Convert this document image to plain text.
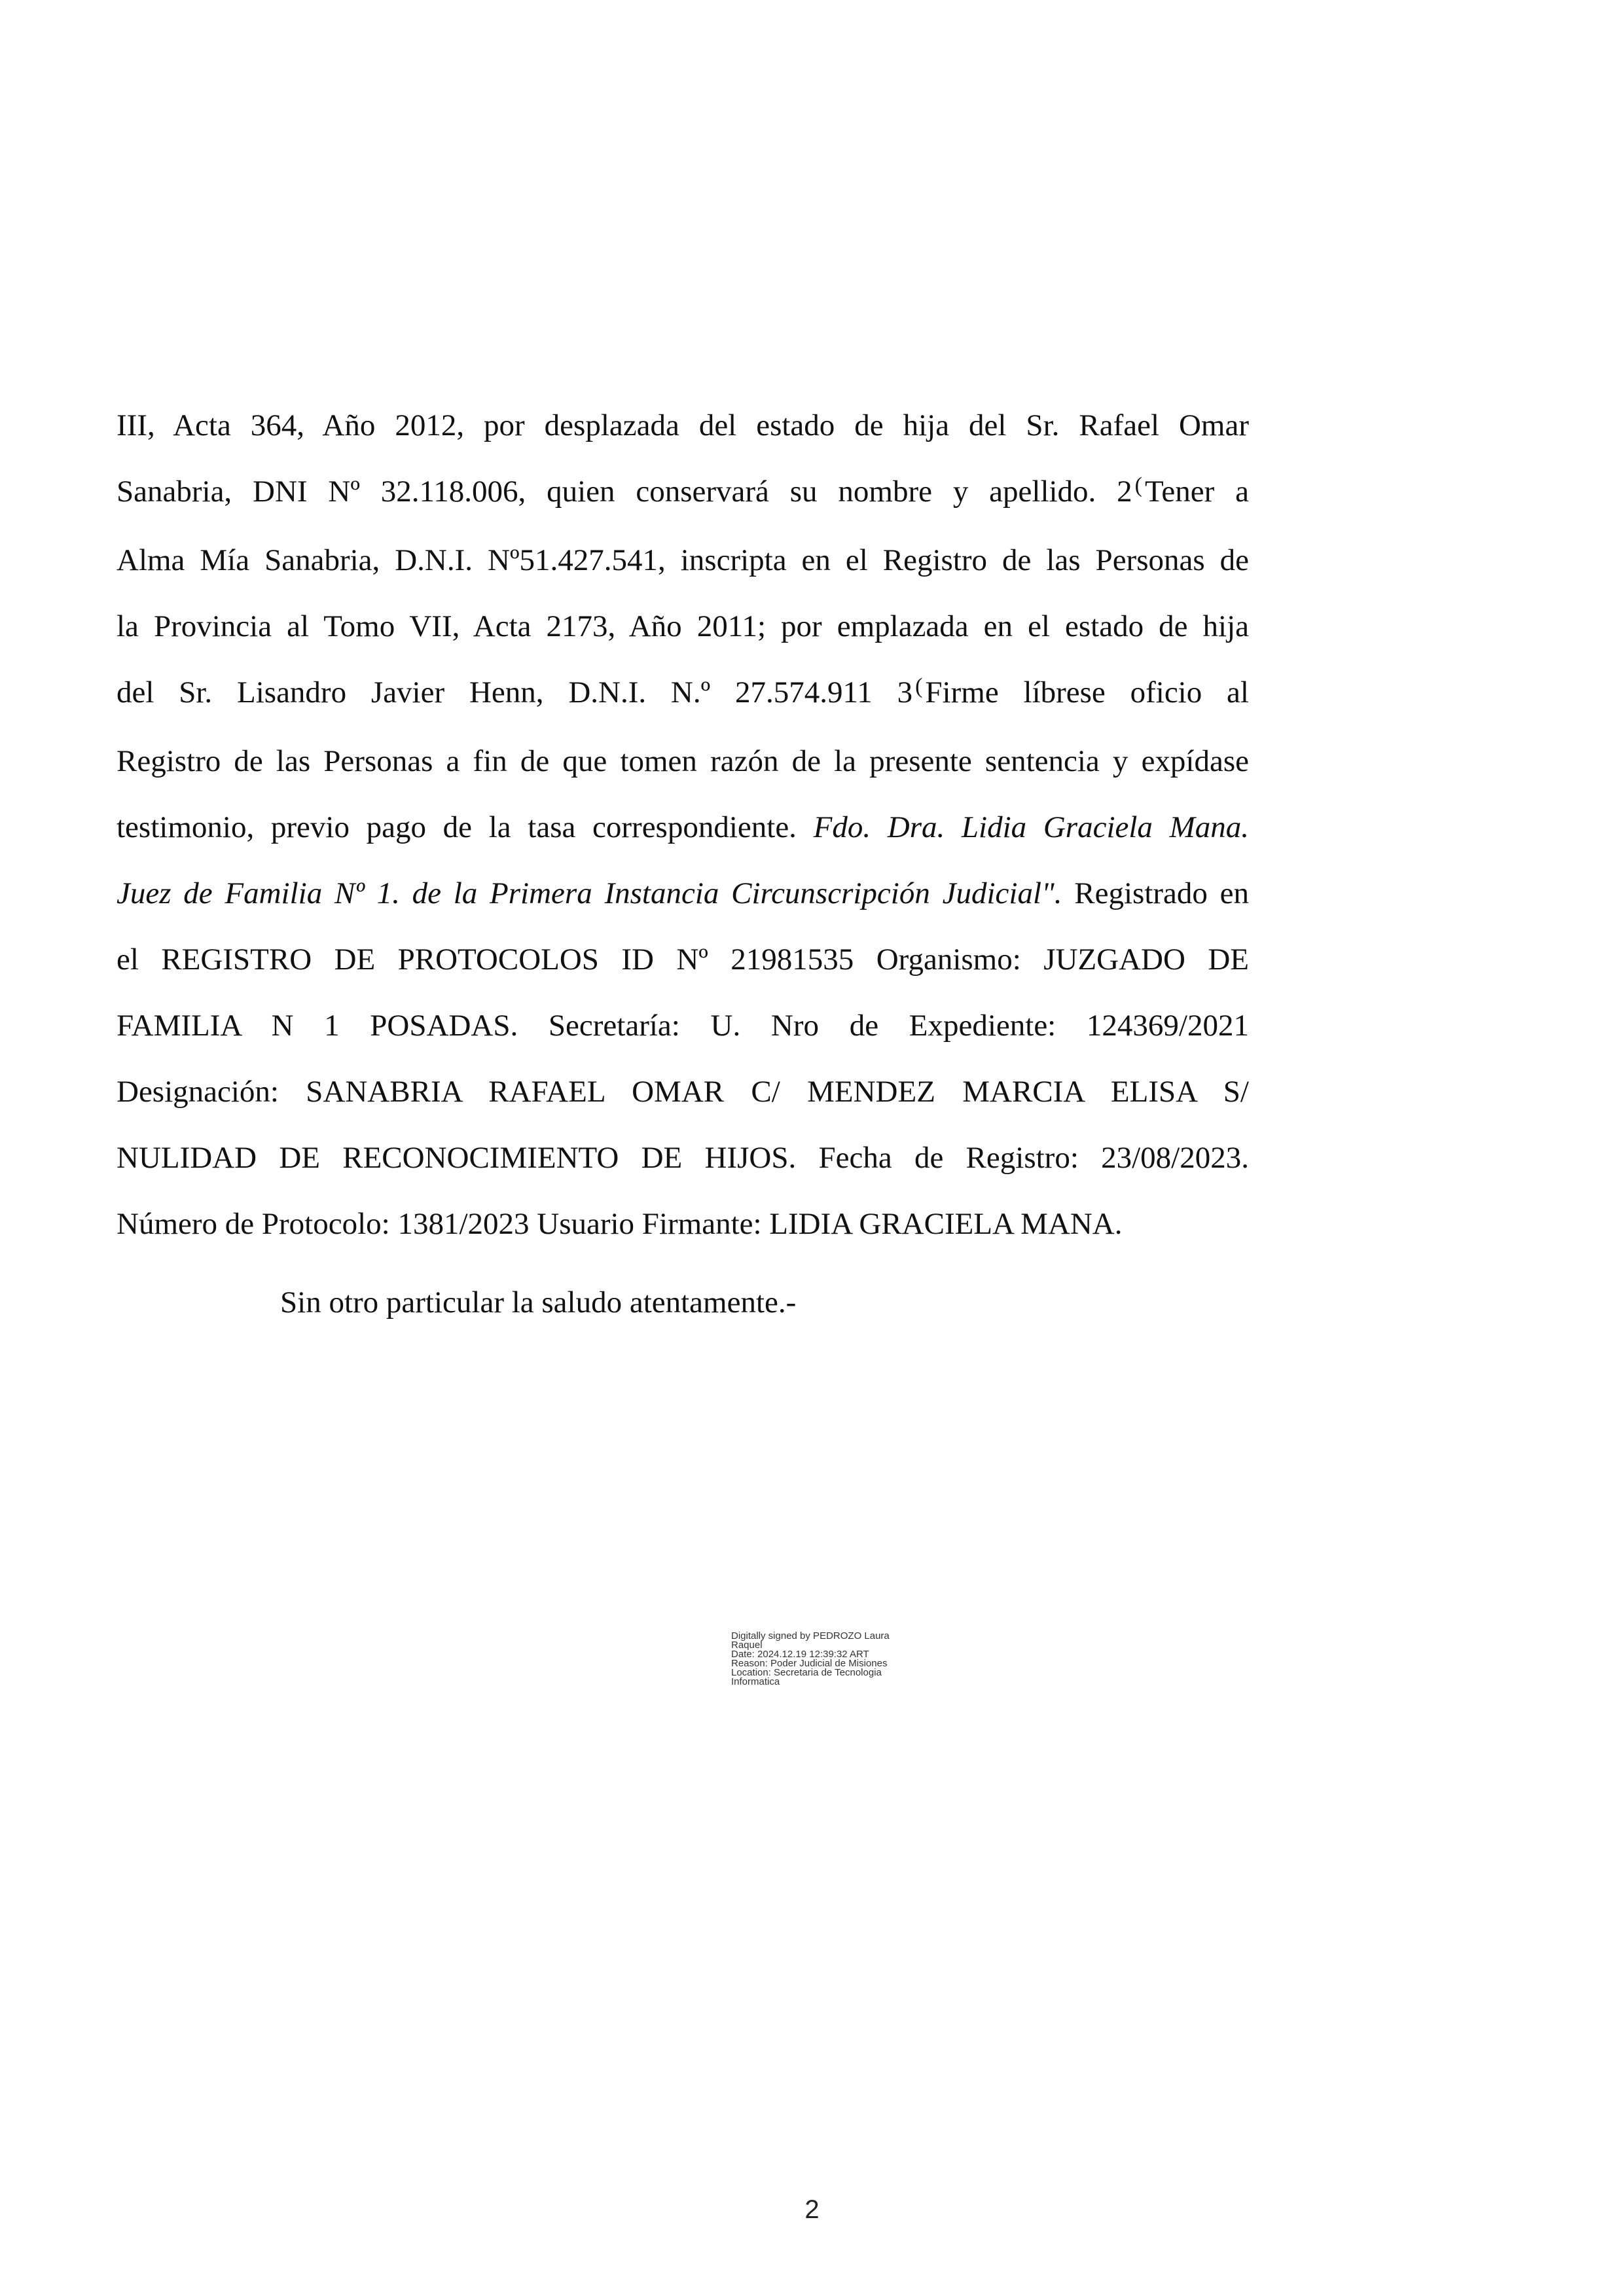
III, Acta 364, Año 2012, por desplazada del estado de hija del Sr. Rafael Omar
Sanabria, DNI Nº 32.118.006, quien conservará su nombre y apellido. 2 (Tener a
Alma Mía Sanabria, D.N.I. Nº51.427.541, inscripta en el Registro de las Personas de
la Provincia al Tomo VII, Acta 2173, Año 2011; por emplazada en el estado de hija
del Sr. Lisandro Javier Henn, D.N.I. N.º 27.574.911 3 (Firme líbrese oficio al
Registro de las Personas a fin de que tomen razón de la presente sentencia y expídase
testimonio, previo pago de la tasa correspondiente. Fdo. Dra. Lidia Graciela Mana.
Juez de Familia Nº 1. de la Primera Instancia Circunscripción Judicial". Registrado en
el REGISTRO DE PROTOCOLOS ID Nº 21981535 Organismo: JUZGADO DE
FAMILIA N 1 POSADAS. Secretaría: U. Nro de Expediente: 124369/2021
Designación: SANABRIA RAFAEL OMAR C/ MENDEZ MARCIA ELISA S/
NULIDAD DE RECONOCIMIENTO DE HIJOS. Fecha de Registro: 23/08/2023.
Número de Protocolo: 1381/2023 Usuario Firmante: LIDIA GRACIELA MANA.
Sin otro particular la saludo atentamente.-
Digitally signed by PEDROZO Laura
Raquel
Date: 2024.12.19 12:39:32 ART
Reason: Poder Judicial de Misiones
Location: Secretaria de Tecnologia
Informatica
2
